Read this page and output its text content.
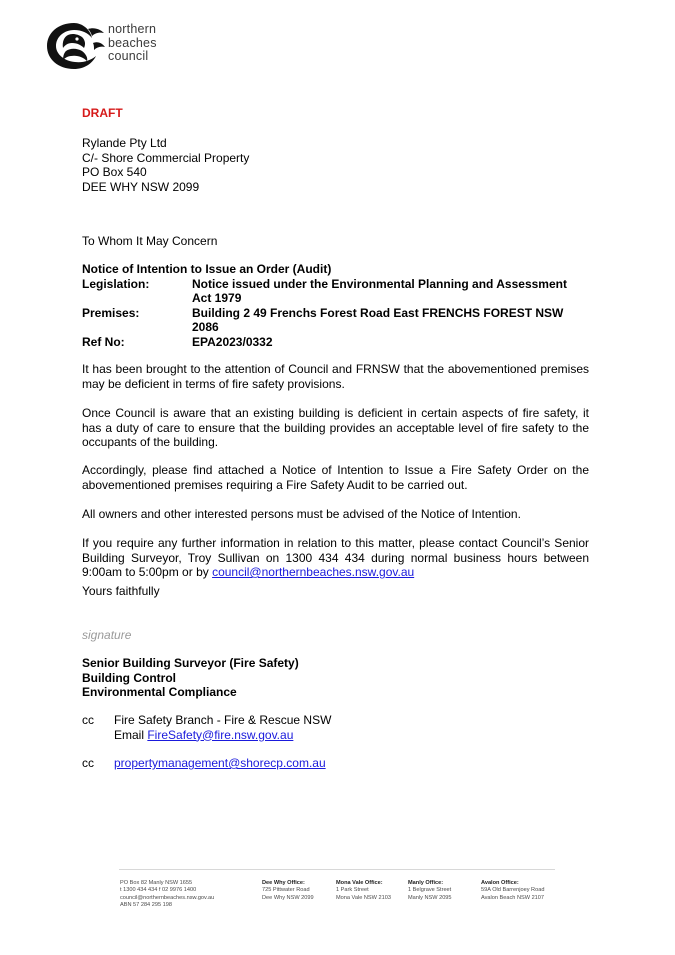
northern
beaches
council
DRAFT
Rylande Pty Ltd
C/- Shore Commercial Property
PO Box 540
DEE WHY NSW 2099
To Whom It May Concern
Notice of Intention to Issue an Order (Audit)
Legislation:	Notice issued under the Environmental Planning and Assessment Act 1979
Premises:	Building 2 49 Frenchs Forest Road East FRENCHS FOREST NSW 2086
Ref No:	EPA2023/0332
It has been brought to the attention of Council and FRNSW that the abovementioned premises may be deficient in terms of fire safety provisions.
Once Council is aware that an existing building is deficient in certain aspects of fire safety, it has a duty of care to ensure that the building provides an acceptable level of fire safety to the occupants of the building.
Accordingly, please find attached a Notice of Intention to Issue a Fire Safety Order on the abovementioned premises requiring a Fire Safety Audit to be carried out.
All owners and other interested persons must be advised of the Notice of Intention.
If you require any further information in relation to this matter, please contact Council’s Senior Building Surveyor, Troy Sullivan on 1300 434 434 during normal business hours between 9:00am to 5:00pm or by council@northernbeaches.nsw.gov.au
Yours faithfully
signature
Senior Building Surveyor (Fire Safety)
Building Control
Environmental Compliance
cc Fire Safety Branch - Fire & Rescue NSW
Email FireSafety@fire.nsw.gov.au
cc propertymanagement@shorecp.com.au
PO Box 82 Manly NSW 1655
t 1300 434 434 f 02 9976 1400
council@northernbeaches.nsw.gov.au
ABN 57 284 295 198
Dee Why Office:
725 Pittwater Road
Dee Why NSW 2099
Mona Vale Office:
1 Park Street
Mona Vale NSW 2103
Manly Office:
1 Belgrave Street
Manly NSW 2095
Avalon Office:
59A Old Barrenjoey Road
Avalon Beach NSW 2107
